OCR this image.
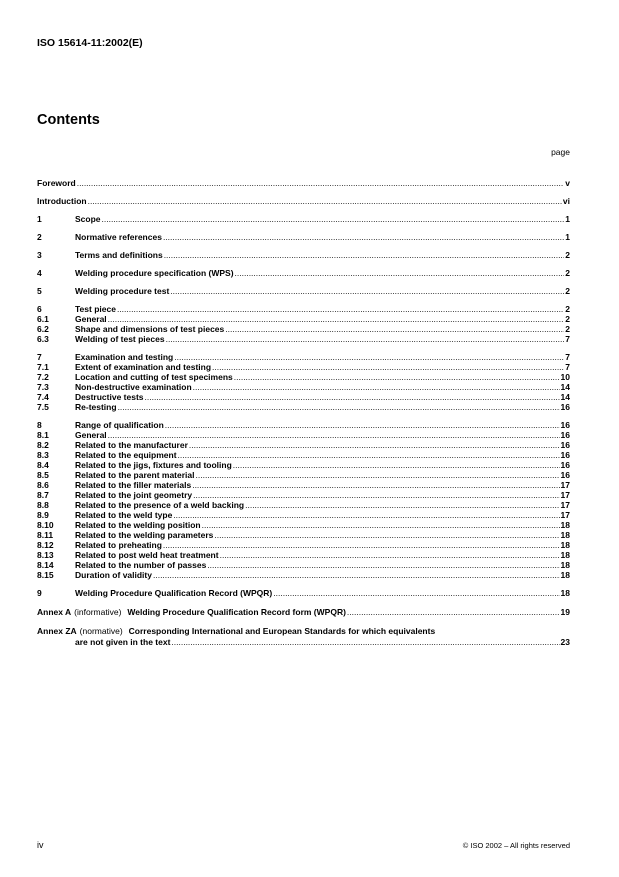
ISO 15614-11:2002(E)
Contents
page
Foreword .....	v
Introduction .....	vi
1	Scope .....	1
2	Normative references .....	1
3	Terms and definitions .....	2
4	Welding procedure specification (WPS) .....	2
5	Welding procedure test .....	2
6	Test piece .....	2
6.1	General .....	2
6.2	Shape and dimensions of test pieces .....	2
6.3	Welding of test pieces .....	7
7	Examination and testing .....	7
7.1	Extent of examination and testing .....	7
7.2	Location and cutting of test specimens .....	10
7.3	Non-destructive examination .....	14
7.4	Destructive tests .....	14
7.5	Re-testing .....	16
8	Range of qualification .....	16
8.1	General .....	16
8.2	Related to the manufacturer .....	16
8.3	Related to the equipment .....	16
8.4	Related to the jigs, fixtures and tooling .....	16
8.5	Related to the parent material .....	16
8.6	Related to the filler materials .....	17
8.7	Related to the joint geometry .....	17
8.8	Related to the presence of a weld backing .....	17
8.9	Related to the weld type .....	17
8.10	Related to the welding position .....	18
8.11	Related to the welding parameters .....	18
8.12	Related to preheating .....	18
8.13	Related to post weld heat treatment .....	18
8.14	Related to the number of passes .....	18
8.15	Duration of validity .....	18
9	Welding Procedure Qualification Record (WPQR) .....	18
Annex A (informative) Welding Procedure Qualification Record form (WPQR) .....	19
Annex ZA (normative) Corresponding International and European Standards for which equivalents
are not given in the text .....	23
iv	© ISO 2002 – All rights reserved
